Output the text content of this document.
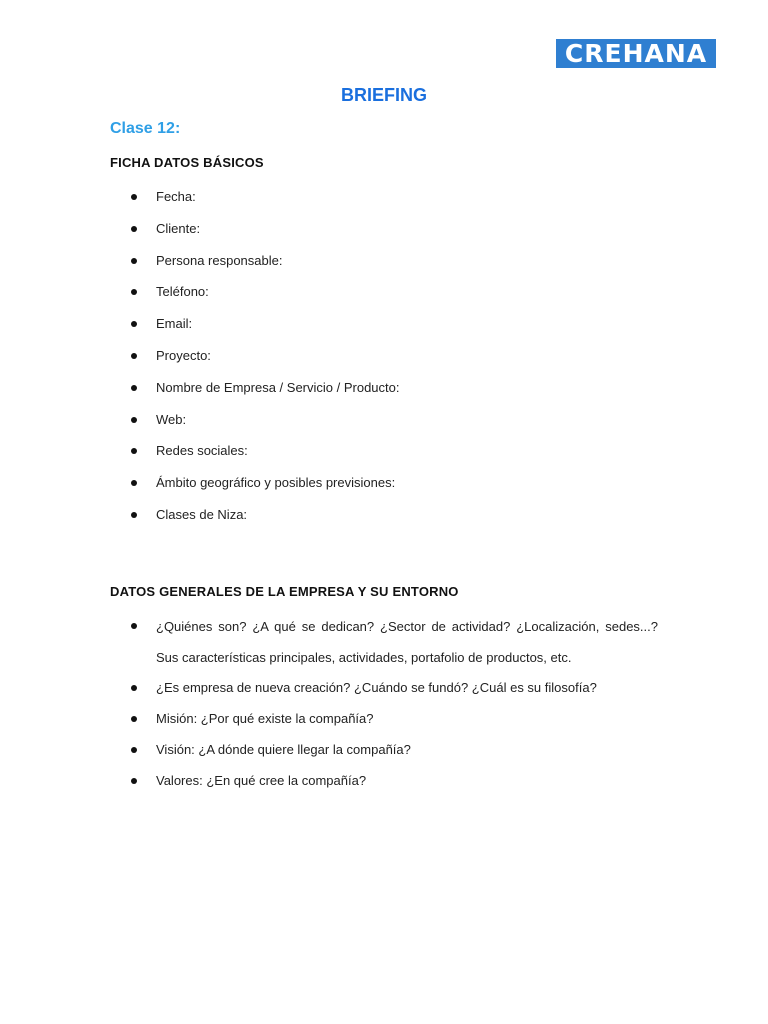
CREHANA
BRIEFING
Clase 12:
FICHA DATOS BÁSICOS
Fecha:
Cliente:
Persona responsable:
Teléfono:
Email:
Proyecto:
Nombre de Empresa / Servicio / Producto:
Web:
Redes sociales:
Ámbito geográfico y posibles previsiones:
Clases de Niza:
DATOS GENERALES DE LA EMPRESA Y SU ENTORNO
¿Quiénes son? ¿A qué se dedican? ¿Sector de actividad? ¿Localización, sedes...? Sus características principales, actividades, portafolio de productos, etc.
¿Es empresa de nueva creación? ¿Cuándo se fundó? ¿Cuál es su filosofía?
Misión: ¿Por qué existe la compañía?
Visión: ¿A dónde quiere llegar la compañía?
Valores: ¿En qué cree la compañía?
